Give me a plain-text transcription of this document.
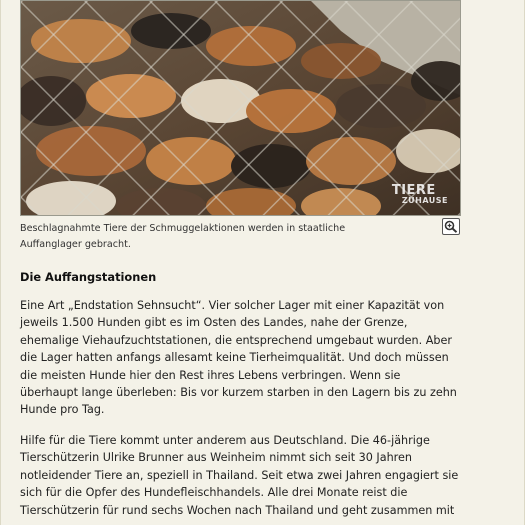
TIERE
ZUHAUSE
Beschlagnahmte Tiere der Schmuggelaktionen werden in staatliche Auffanglager gebracht.
Die Auffangstationen

Eine Art „Endstation Sehnsucht“. Vier solcher Lager mit einer Kapazität von jeweils 1.500 Hunden gibt es im Osten des Landes, nahe der Grenze, ehemalige Viehaufzuchtstationen, die entsprechend umgebaut wurden. Aber die Lager hatten anfangs allesamt keine Tierheimqualität. Und doch müssen die meisten Hunde hier den Rest ihres Lebens verbringen. Wenn sie überhaupt lange überleben: Bis vor kurzem starben in den Lagern bis zu zehn Hunde pro Tag.

Hilfe für die Tiere kommt unter anderem aus Deutschland. Die 46-jährige Tierschützerin Ulrike Brunner aus Weinheim nimmt sich seit 30 Jahren notleidender Tiere an, speziell in Thailand. Seit etwa zwei Jahren engagiert sie sich für die Opfer des Hundefleischhandels. Alle drei Monate reist die Tierschützerin für rund sechs Wochen nach Thailand und geht zusammen mit
